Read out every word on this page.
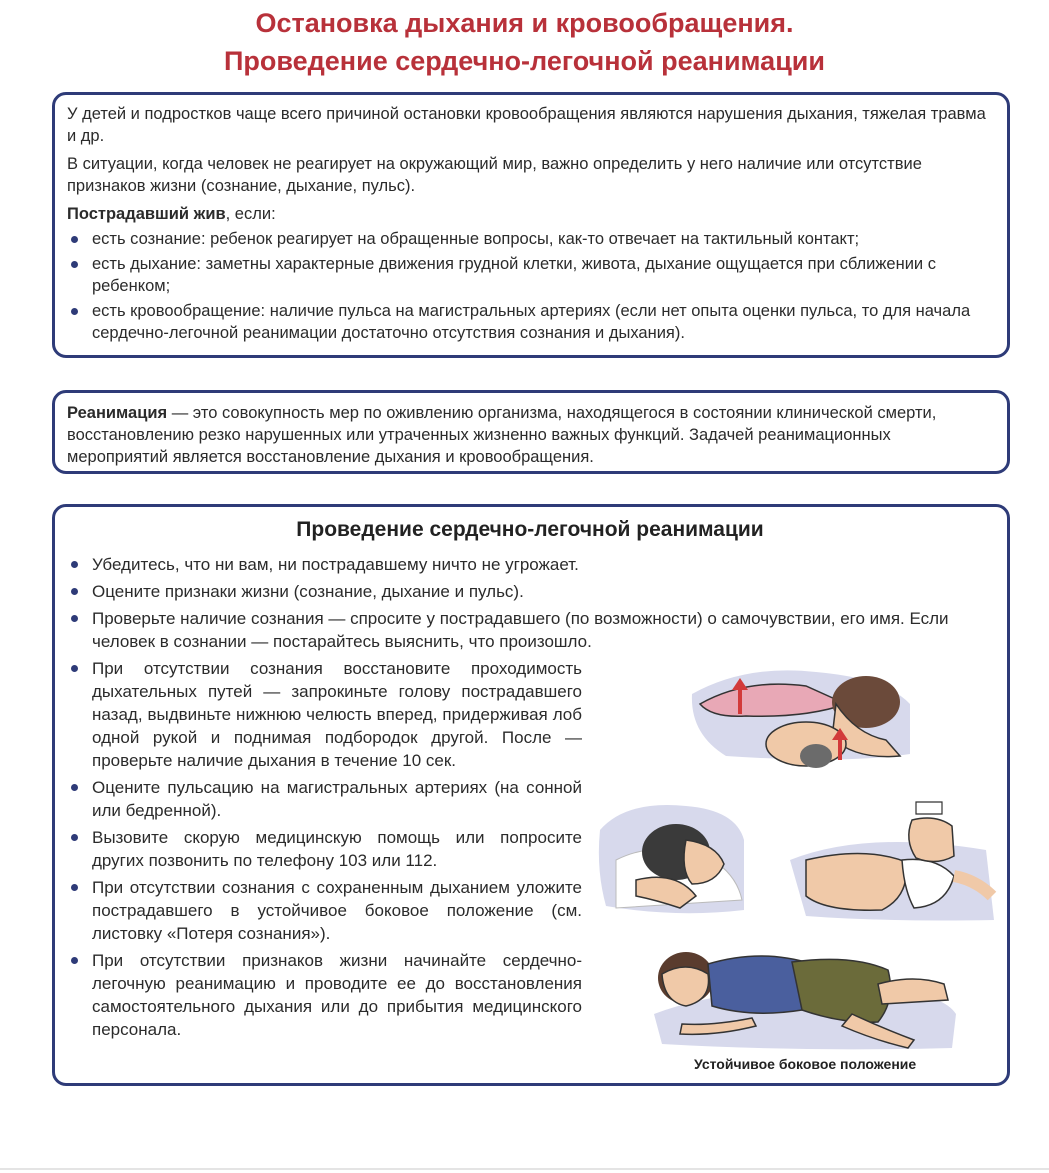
Остановка дыхания и кровообращения.
Проведение сердечно-легочной реанимации

У детей и подростков чаще всего причиной остановки кровообращения являются нарушения дыхания, тяжелая травма и др.

В ситуации, когда человек не реагирует на окружающий мир, важно определить у него наличие или отсутствие признаков жизни (сознание, дыхание, пульс).

Пострадавший жив, если:

есть сознание: ребенок реагирует на обращенные вопросы, как-то отвечает на тактильный контакт;
есть дыхание: заметны характерные движения грудной клетки, живота, дыхание ощущается при сближении с ребенком;
есть кровообращение: наличие пульса на магистральных артериях (если нет опыта оценки пульса, то для начала сердечно-легочной реанимации достаточно отсутствия сознания и дыхания).

Реанимация — это совокупность мер по оживлению организма, находящегося в состоянии клинической смерти, восстановлению резко нарушенных или утраченных жизненно важных функций. Задачей реанимационных мероприятий является восстановление дыхания и кровообращения.

Проведение сердечно-легочной реанимации
Убедитесь, что ни вам, ни пострадавшему ничто не угрожает.
Оцените признаки жизни (сознание, дыхание и пульс).
Проверьте наличие сознания — спросите у пострадавшего (по возможности) о самочувствии, его имя. Если человек в сознании — постарайтесь выяснить, что произошло.
При отсутствии сознания восстановите проходимость дыхательных путей — запрокиньте голову пострадавшего назад, выдвиньте нижнюю челюсть вперед, придерживая лоб одной рукой и поднимая подбородок другой. После — проверьте наличие дыхания в течение 10 сек.
Оцените пульсацию на магистральных артериях (на сонной или бедренной).
Вызовите скорую медицинскую помощь или попросите других позвонить по телефону 103 или 112.
При отсутствии сознания с сохраненным дыханием уложите пострадавшего в устойчивое боковое положение (см. листовку «Потеря сознания»).
При отсутствии признаков жизни начинайте сердечно-легочную реанимацию и проводите ее до восстановления самостоятельного дыхания или до прибытия медицинского персонала.
Устойчивое боковое положение
